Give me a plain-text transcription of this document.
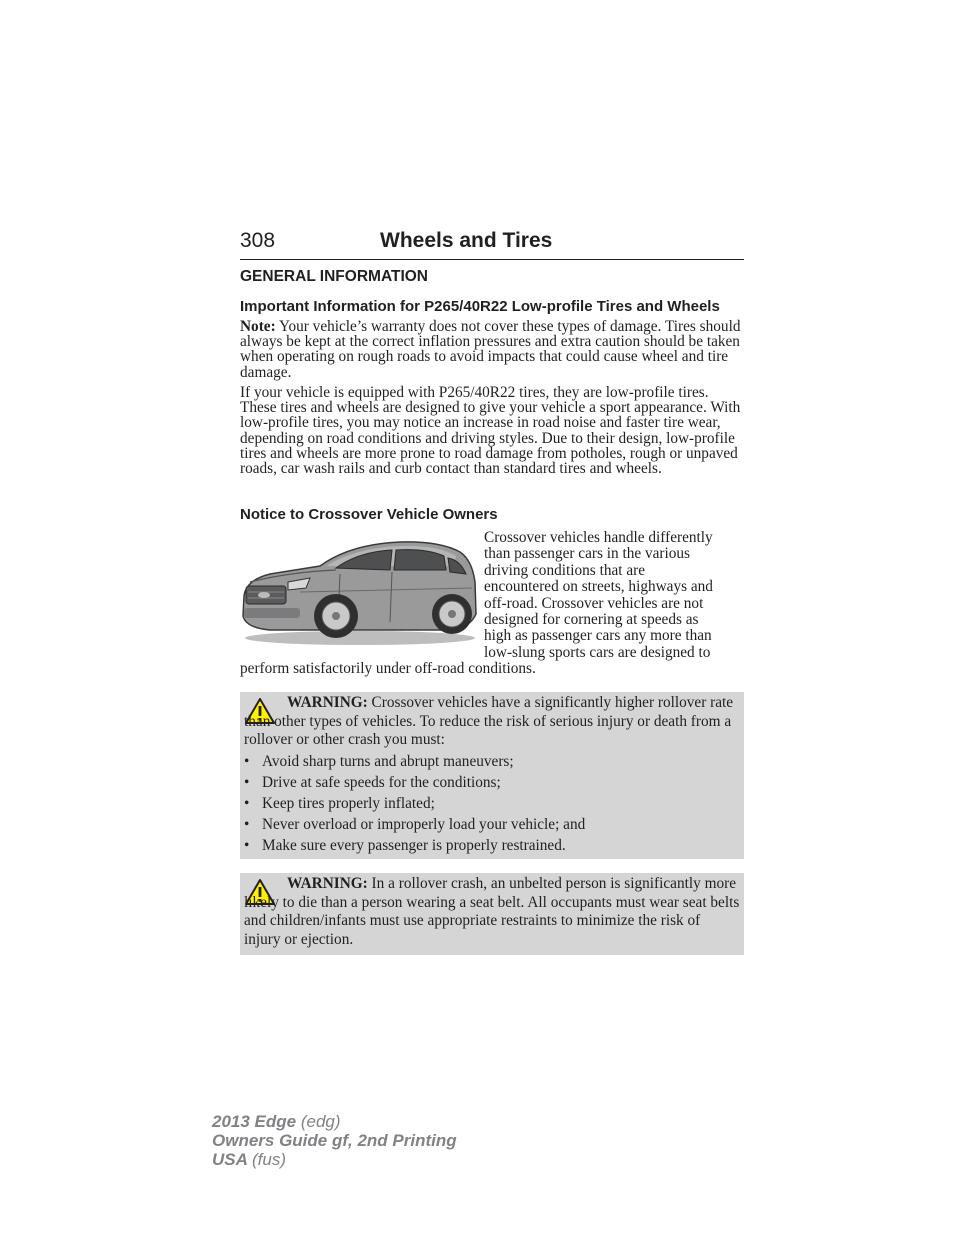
308	Wheels and Tires
GENERAL INFORMATION
Important Information for P265/40R22 Low-profile Tires and Wheels
Note: Your vehicle’s warranty does not cover these types of damage. Tires should always be kept at the correct inflation pressures and extra caution should be taken when operating on rough roads to avoid impacts that could cause wheel and tire damage.
If your vehicle is equipped with P265/40R22 tires, they are low-profile tires. These tires and wheels are designed to give your vehicle a sport appearance. With low-profile tires, you may notice an increase in road noise and faster tire wear, depending on road conditions and driving styles. Due to their design, low-profile tires and wheels are more prone to road damage from potholes, rough or unpaved roads, car wash rails and curb contact than standard tires and wheels.
Notice to Crossover Vehicle Owners
Crossover vehicles handle differently
than passenger cars in the various
driving conditions that are
encountered on streets, highways and
off-road. Crossover vehicles are not
designed for cornering at speeds as
high as passenger cars any more than
low-slung sports cars are designed to
perform satisfactorily under off-road conditions.
WARNING: Crossover vehicles have a significantly higher rollover rate than other types of vehicles. To reduce the risk of serious injury or death from a rollover or other crash you must:
• Avoid sharp turns and abrupt maneuvers;
• Drive at safe speeds for the conditions;
• Keep tires properly inflated;
• Never overload or improperly load your vehicle; and
• Make sure every passenger is properly restrained.
WARNING: In a rollover crash, an unbelted person is significantly more likely to die than a person wearing a seat belt. All occupants must wear seat belts and children/infants must use appropriate restraints to minimize the risk of injury or ejection.
2013 Edge (edg)
Owners Guide gf, 2nd Printing
USA (fus)
